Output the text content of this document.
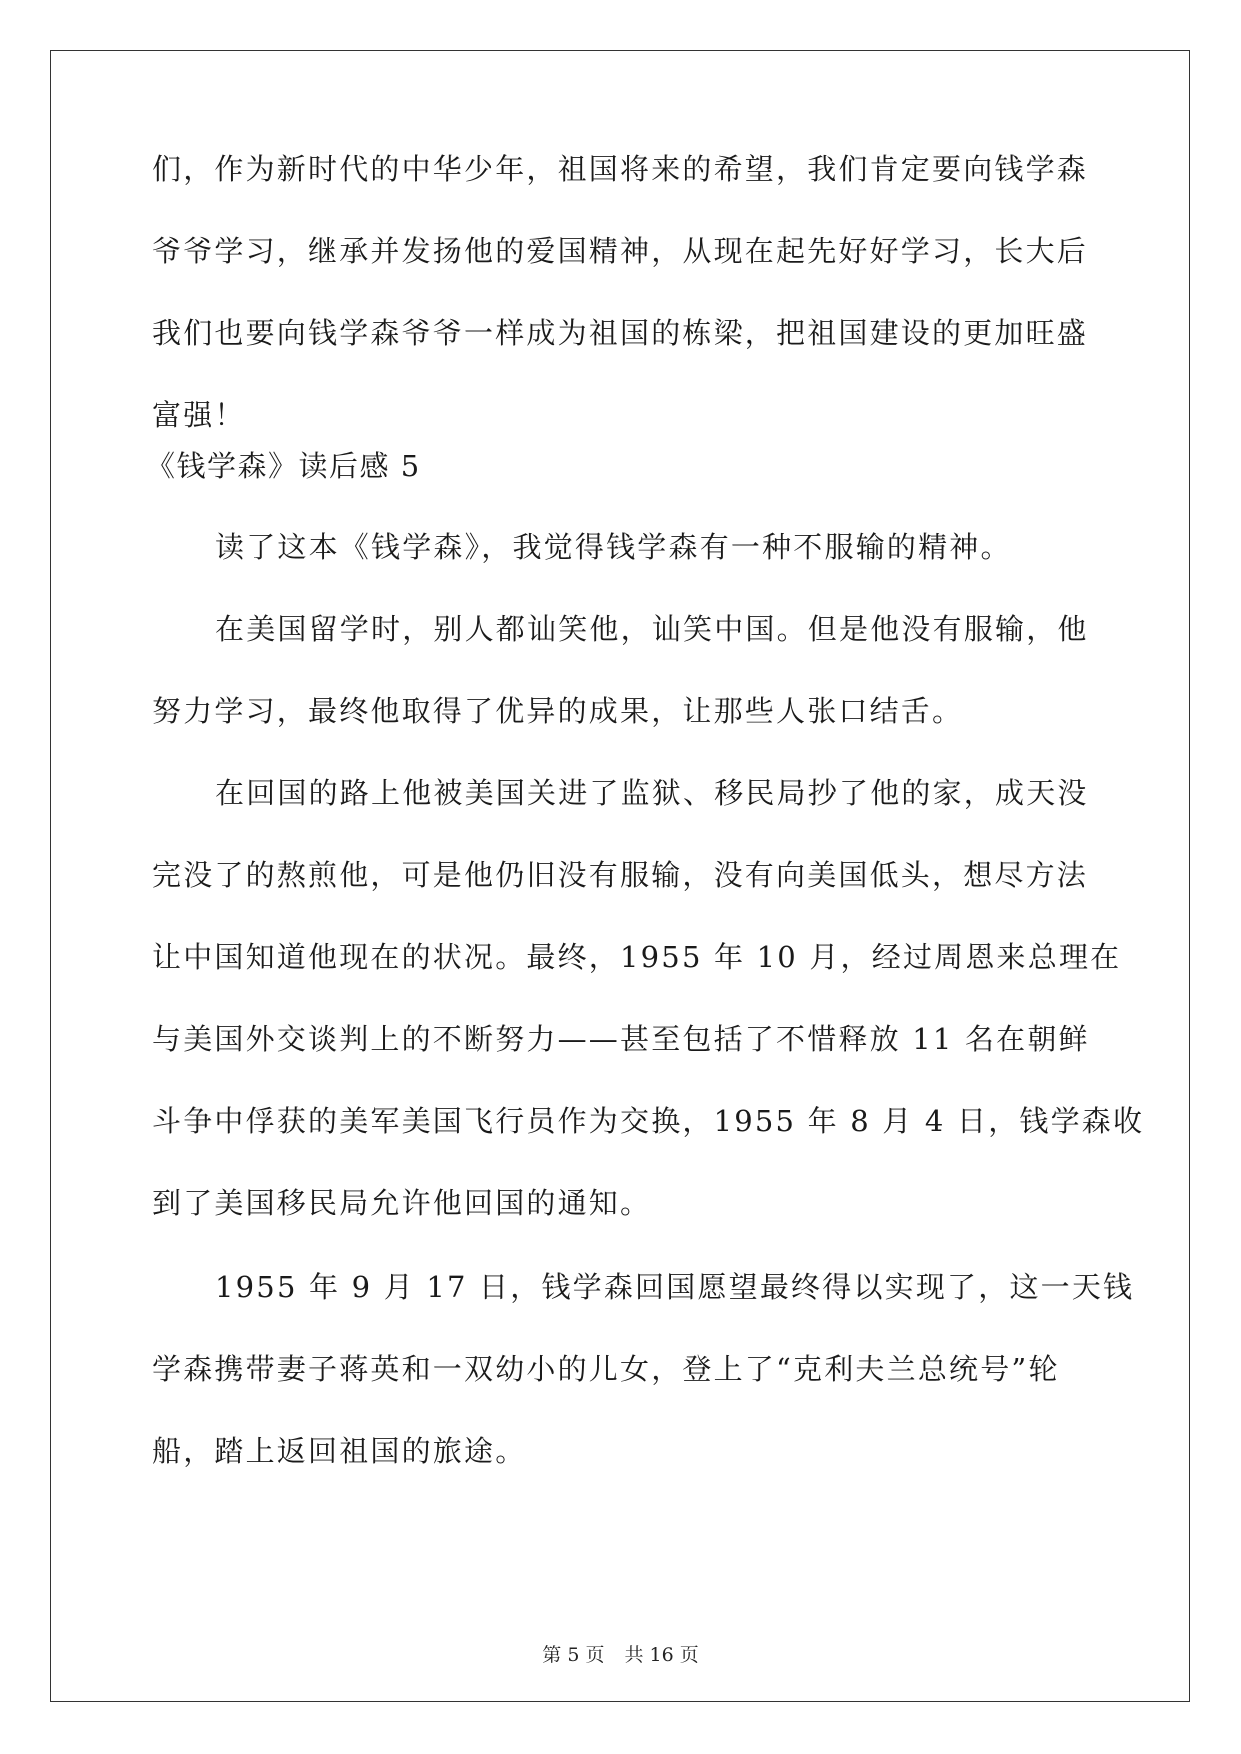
们，作为新时代的中华少年，祖国将来的希望，我们肯定要向钱学森
爷爷学习，继承并发扬他的爱国精神，从现在起先好好学习，长大后
我们也要向钱学森爷爷一样成为祖国的栋梁，把祖国建设的更加旺盛
富强！
《钱学森》读后感 5
读了这本《钱学森》，我觉得钱学森有一种不服输的精神。
在美国留学时，别人都讪笑他，讪笑中国。但是他没有服输，他
努力学习，最终他取得了优异的成果，让那些人张口结舌。
在回国的路上他被美国关进了监狱、移民局抄了他的家，成天没
完没了的熬煎他，可是他仍旧没有服输，没有向美国低头，想尽方法
让中国知道他现在的状况。最终，1955 年 10 月，经过周恩来总理在
与美国外交谈判上的不断努力——甚至包括了不惜释放 11 名在朝鲜
斗争中俘获的美军美国飞行员作为交换，1955 年 8 月 4 日，钱学森收
到了美国移民局允许他回国的通知。
1955 年 9 月 17 日，钱学森回国愿望最终得以实现了，这一天钱
学森携带妻子蒋英和一双幼小的儿女，登上了“克利夫兰总统号”轮
船，踏上返回祖国的旅途。
第 5 页 共 16 页
